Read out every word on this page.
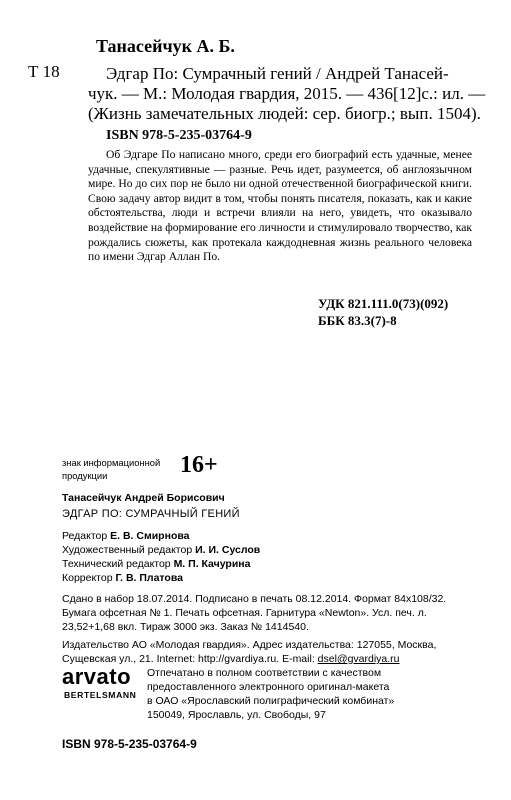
Танасейчук А. Б.
Т 18	Эдгар По: Сумрачный гений / Андрей Танасей-
чук. — М.: Молодая гвардия, 2015. — 436[12]с.: ил. —
(Жизнь замечательных людей: сер. биогр.; вып. 1504).
ISBN 978-5-235-03764-9
Об Эдгаре По написано много, среди его биографий есть удачные, менее удачные, спекулятивные — разные. Речь идет, разумеется, об англоязычном мире. Но до сих пор не было ни одной отечественной биографической книги. Свою задачу автор видит в том, чтобы понять писателя, показать, как и какие обстоятельства, люди и встречи влияли на него, увидеть, что оказывало воздействие на формирование его личности и стимулировало творчество, как рождались сюжеты, как протекала каждодневная жизнь реального человека по имени Эдгар Аллан По.
УДК 821.111.0(73)(092)
ББК 83.3(7)-8
знак информационной
продукции	16+
Танасейчук Андрей Борисович
ЭДГАР ПО: СУМРАЧНЫЙ ГЕНИЙ
Редактор Е. В. Смирнова
Художественный редактор И. И. Суслов
Технический редактор М. П. Качурина
Корректор Г. В. Платова
Сдано в набор 18.07.2014. Подписано в печать 08.12.2014. Формат 84х108/32.
Бумага офсетная № 1. Печать офсетная. Гарнитура «Newton». Усл. печ. л.
23,52+1,68 вкл. Тираж 3000 экз. Заказ № 1414540.
Издательство АО «Молодая гвардия». Адрес издательства: 127055, Москва,
Сущевская ул., 21. Internet: http://gvardiya.ru. E-mail: dsel@gvardiya.ru
arvato
BERTELSMANN
Отпечатано в полном соответствии с качеством
предоставленного электронного оригинал-макета
в ОАО «Ярославский полиграфический комбинат»
150049, Ярославль, ул. Свободы, 97
ISBN 978-5-235-03764-9
